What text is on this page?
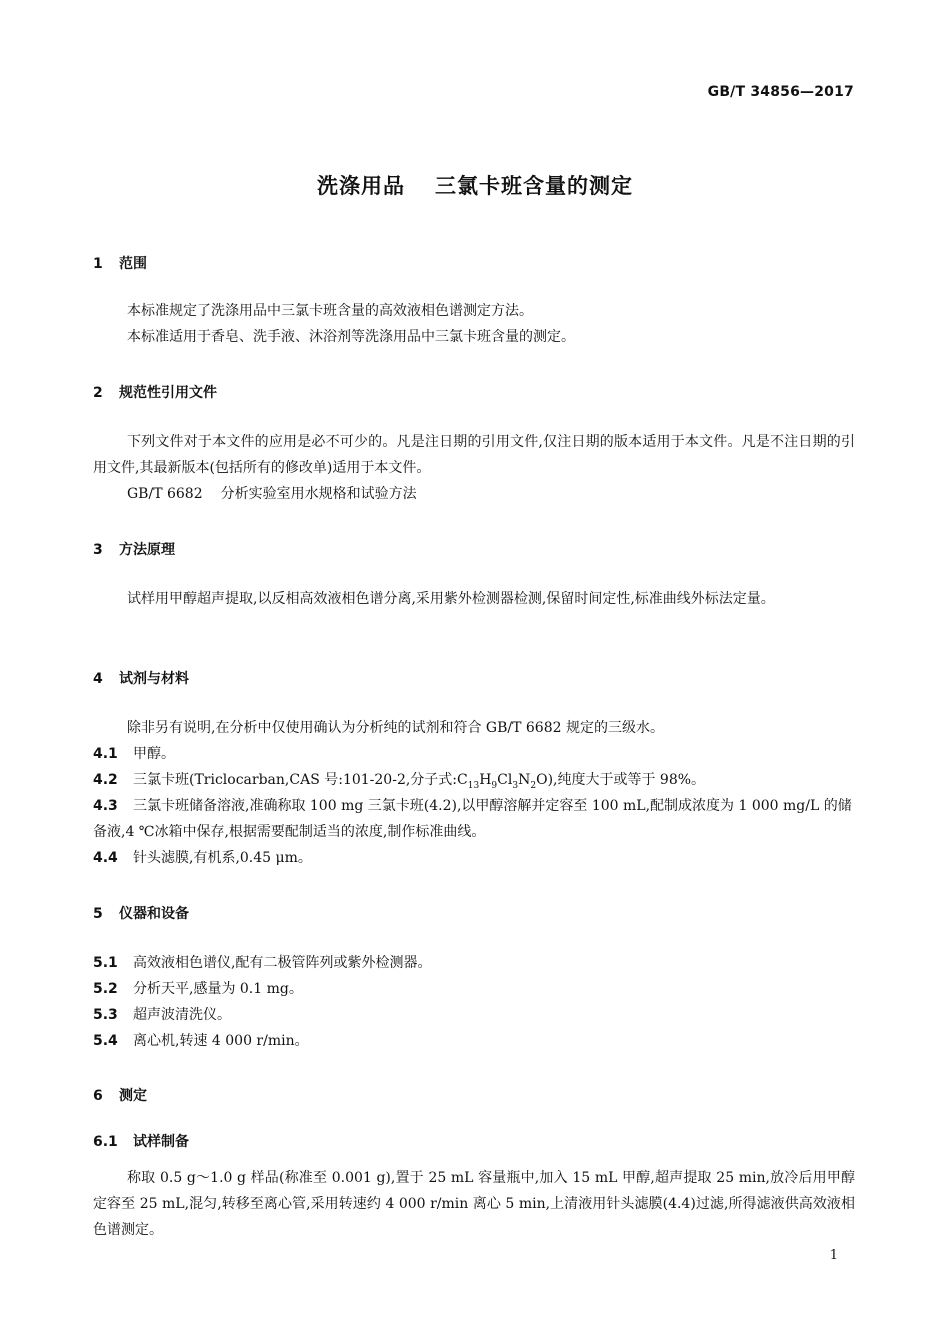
GB/T 34856—2017
洗涤用品 三氯卡班含量的测定
1 范围
本标准规定了洗涤用品中三氯卡班含量的高效液相色谱测定方法。
本标准适用于香皂、洗手液、沐浴剂等洗涤用品中三氯卡班含量的测定。
2 规范性引用文件
下列文件对于本文件的应用是必不可少的。凡是注日期的引用文件,仅注日期的版本适用于本文件。凡是不注日期的引用文件,其最新版本(包括所有的修改单)适用于本文件。
GB/T 6682 分析实验室用水规格和试验方法
3 方法原理
试样用甲醇超声提取,以反相高效液相色谱分离,采用紫外检测器检测,保留时间定性,标准曲线外标法定量。
4 试剂与材料
除非另有说明,在分析中仅使用确认为分析纯的试剂和符合 GB/T 6682 规定的三级水。
4.1 甲醇。
4.2 三氯卡班(Triclocarban,CAS 号:101-20-2,分子式$:C_{13}H_9Cl_3N_2O$),纯度大于或等于 98%。
4.3 三氯卡班储备溶液,准确称取 100 mg 三氯卡班(4.2),以甲醇溶解并定容至 100 mL,配制成浓度为 1 000 mg/L 的储备液,4 ℃冰箱中保存,根据需要配制适当的浓度,制作标准曲线。
4.4 针头滤膜,有机系,0.45 μm。
5 仪器和设备
5.1 高效液相色谱仪,配有二极管阵列或紫外检测器。
5.2 分析天平,感量为 0.1 mg。
5.3 超声波清洗仪。
5.4 离心机,转速 4 000 r/min。
6 测定
6.1 试样制备
称取 0.5 g～1.0 g 样品(称准至 0.001 g),置于 25 mL 容量瓶中,加入 15 mL 甲醇,超声提取 25 min,放冷后用甲醇定容至 25 mL,混匀,转移至离心管,采用转速约 4 000 r/min 离心 5 min,上清液用针头滤膜(4.4)过滤,所得滤液供高效液相色谱测定。
1
